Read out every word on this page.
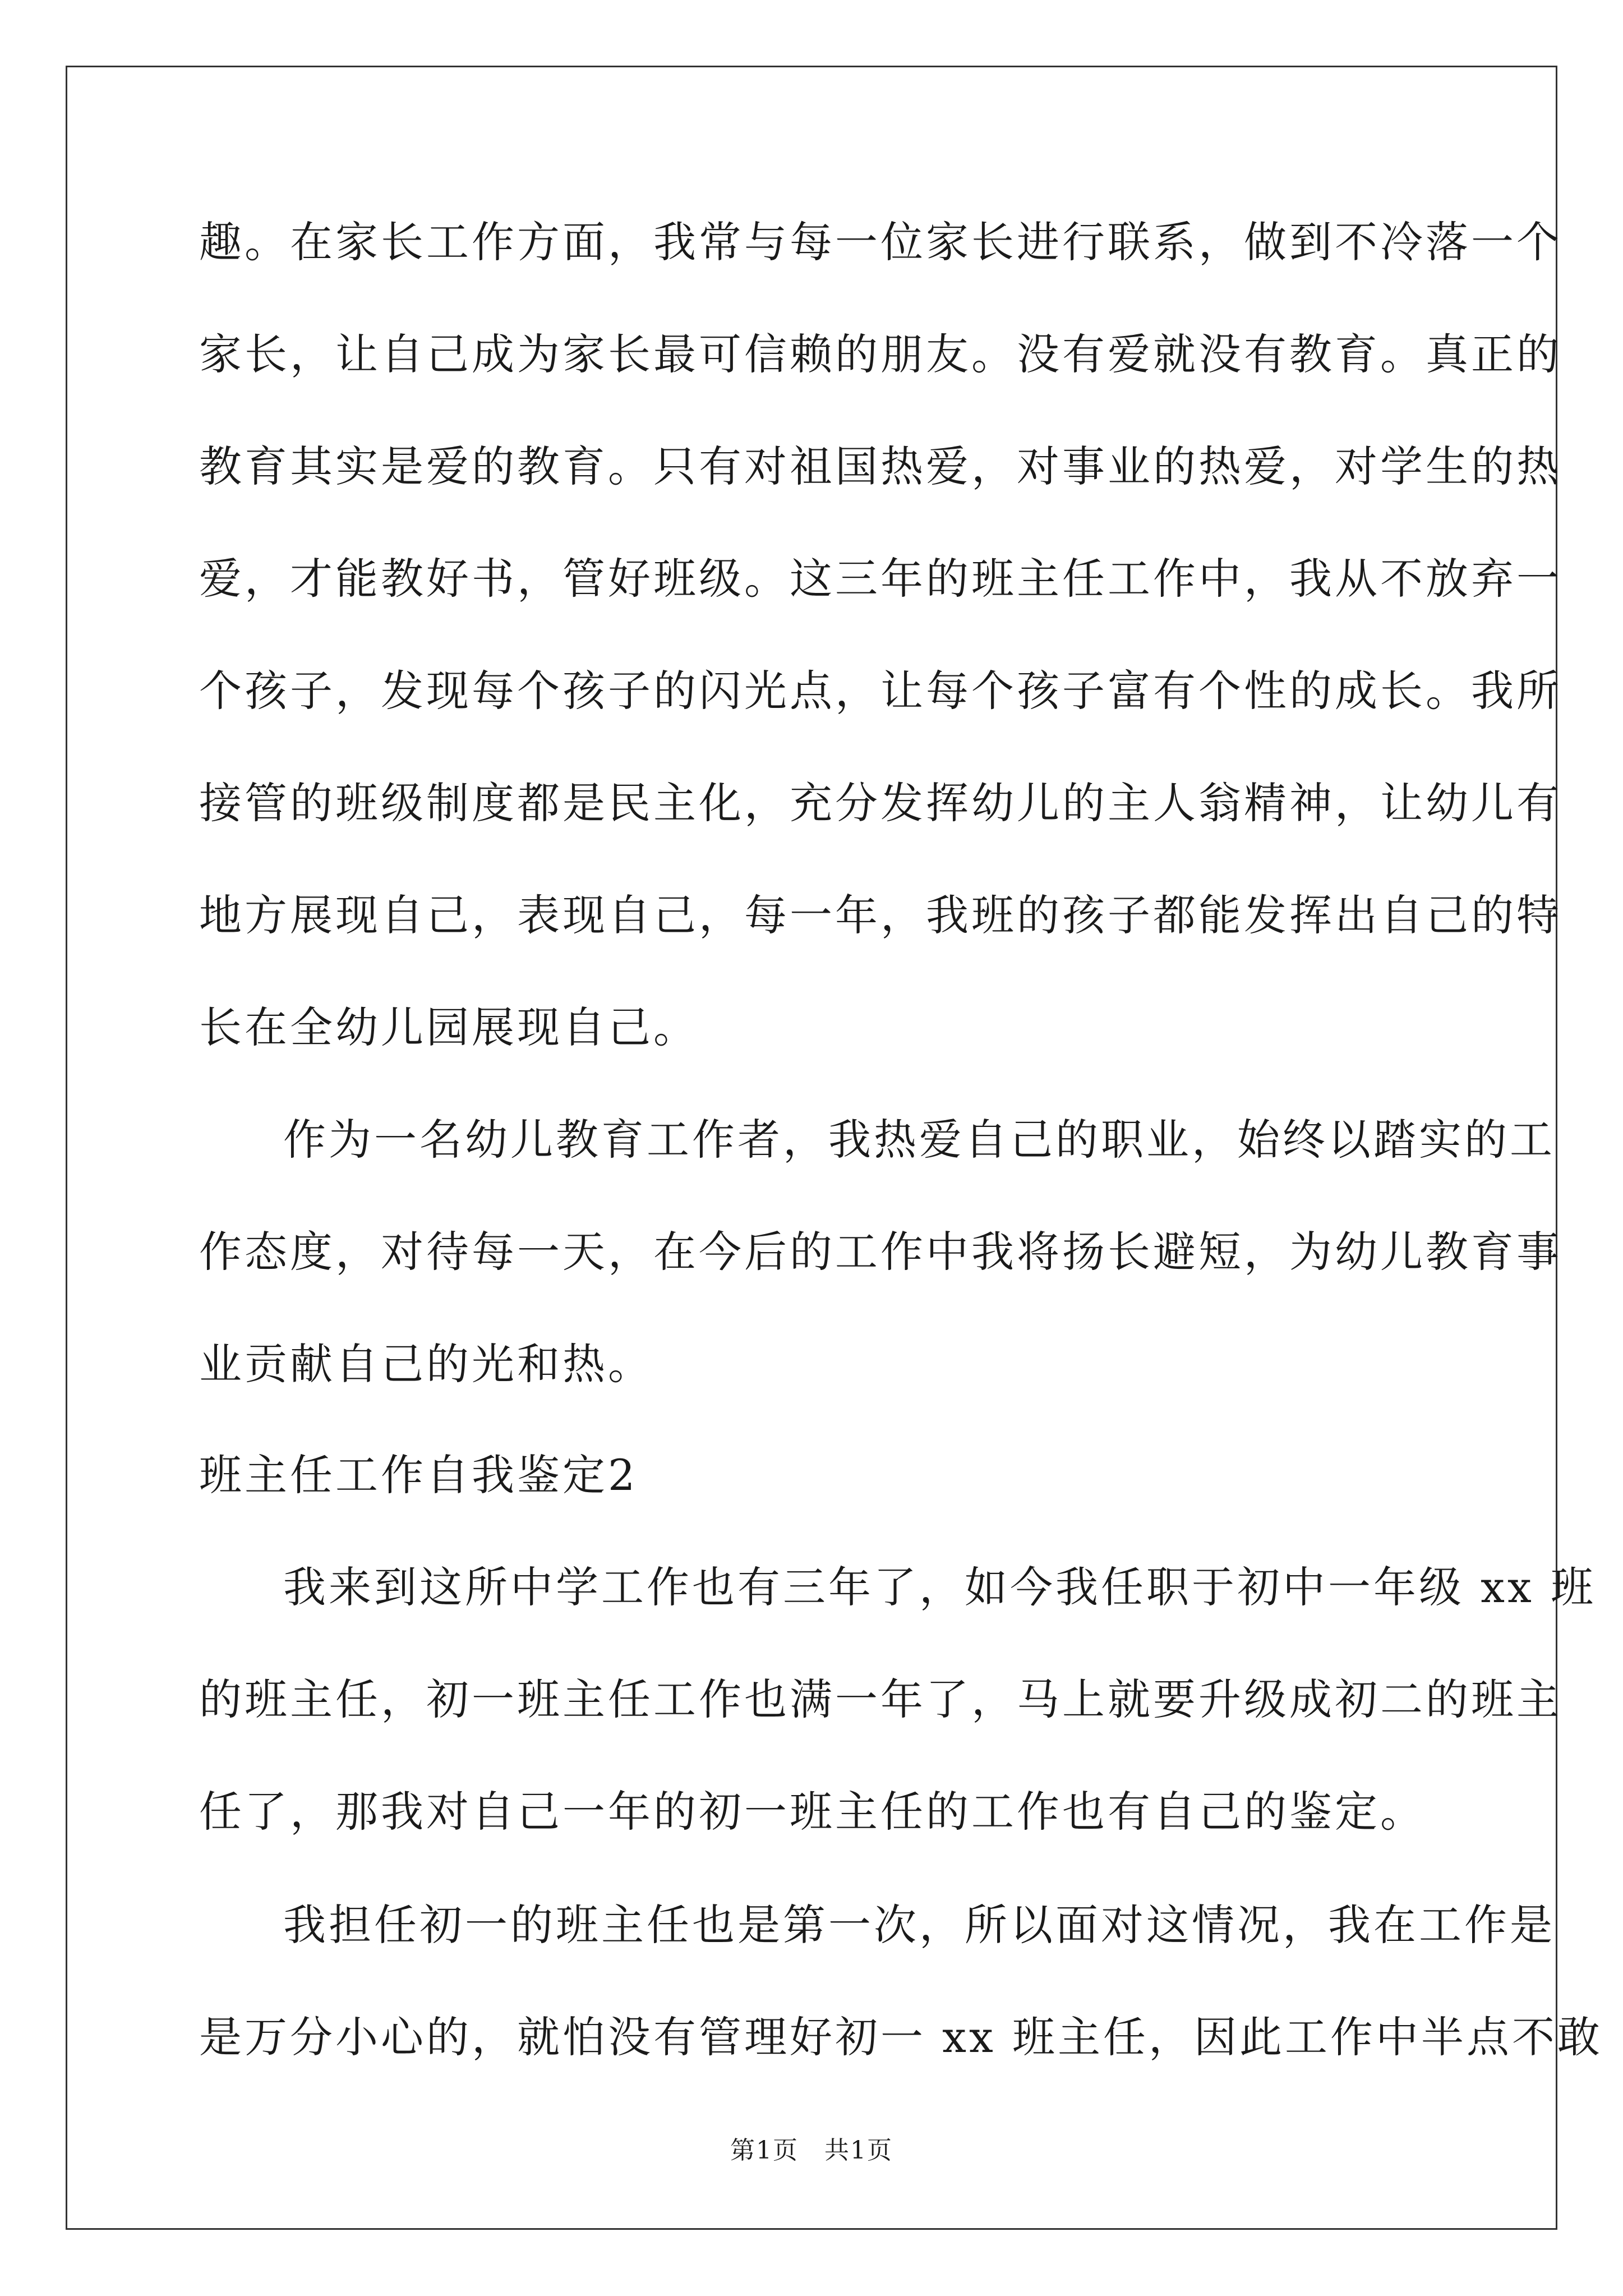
趣。在家长工作方面，我常与每一位家长进行联系，做到不冷落一个
家长，让自己成为家长最可信赖的朋友。没有爱就没有教育。真正的
教育其实是爱的教育。只有对祖国热爱，对事业的热爱，对学生的热
爱，才能教好书，管好班级。这三年的班主任工作中，我从不放弃一
个孩子，发现每个孩子的闪光点，让每个孩子富有个性的成长。我所
接管的班级制度都是民主化，充分发挥幼儿的主人翁精神，让幼儿有
地方展现自己，表现自己，每一年，我班的孩子都能发挥出自己的特
长在全幼儿园展现自己。
作为一名幼儿教育工作者，我热爱自己的职业，始终以踏实的工
作态度，对待每一天，在今后的工作中我将扬长避短，为幼儿教育事
业贡献自己的光和热。
班主任工作自我鉴定2
我来到这所中学工作也有三年了，如今我任职于初中一年级 xx 班
的班主任，初一班主任工作也满一年了，马上就要升级成初二的班主
任了，那我对自己一年的初一班主任的工作也有自己的鉴定。
我担任初一的班主任也是第一次，所以面对这情况，我在工作是
是万分小心的，就怕没有管理好初一 xx 班主任，因此工作中半点不敢
第1页　共1页
